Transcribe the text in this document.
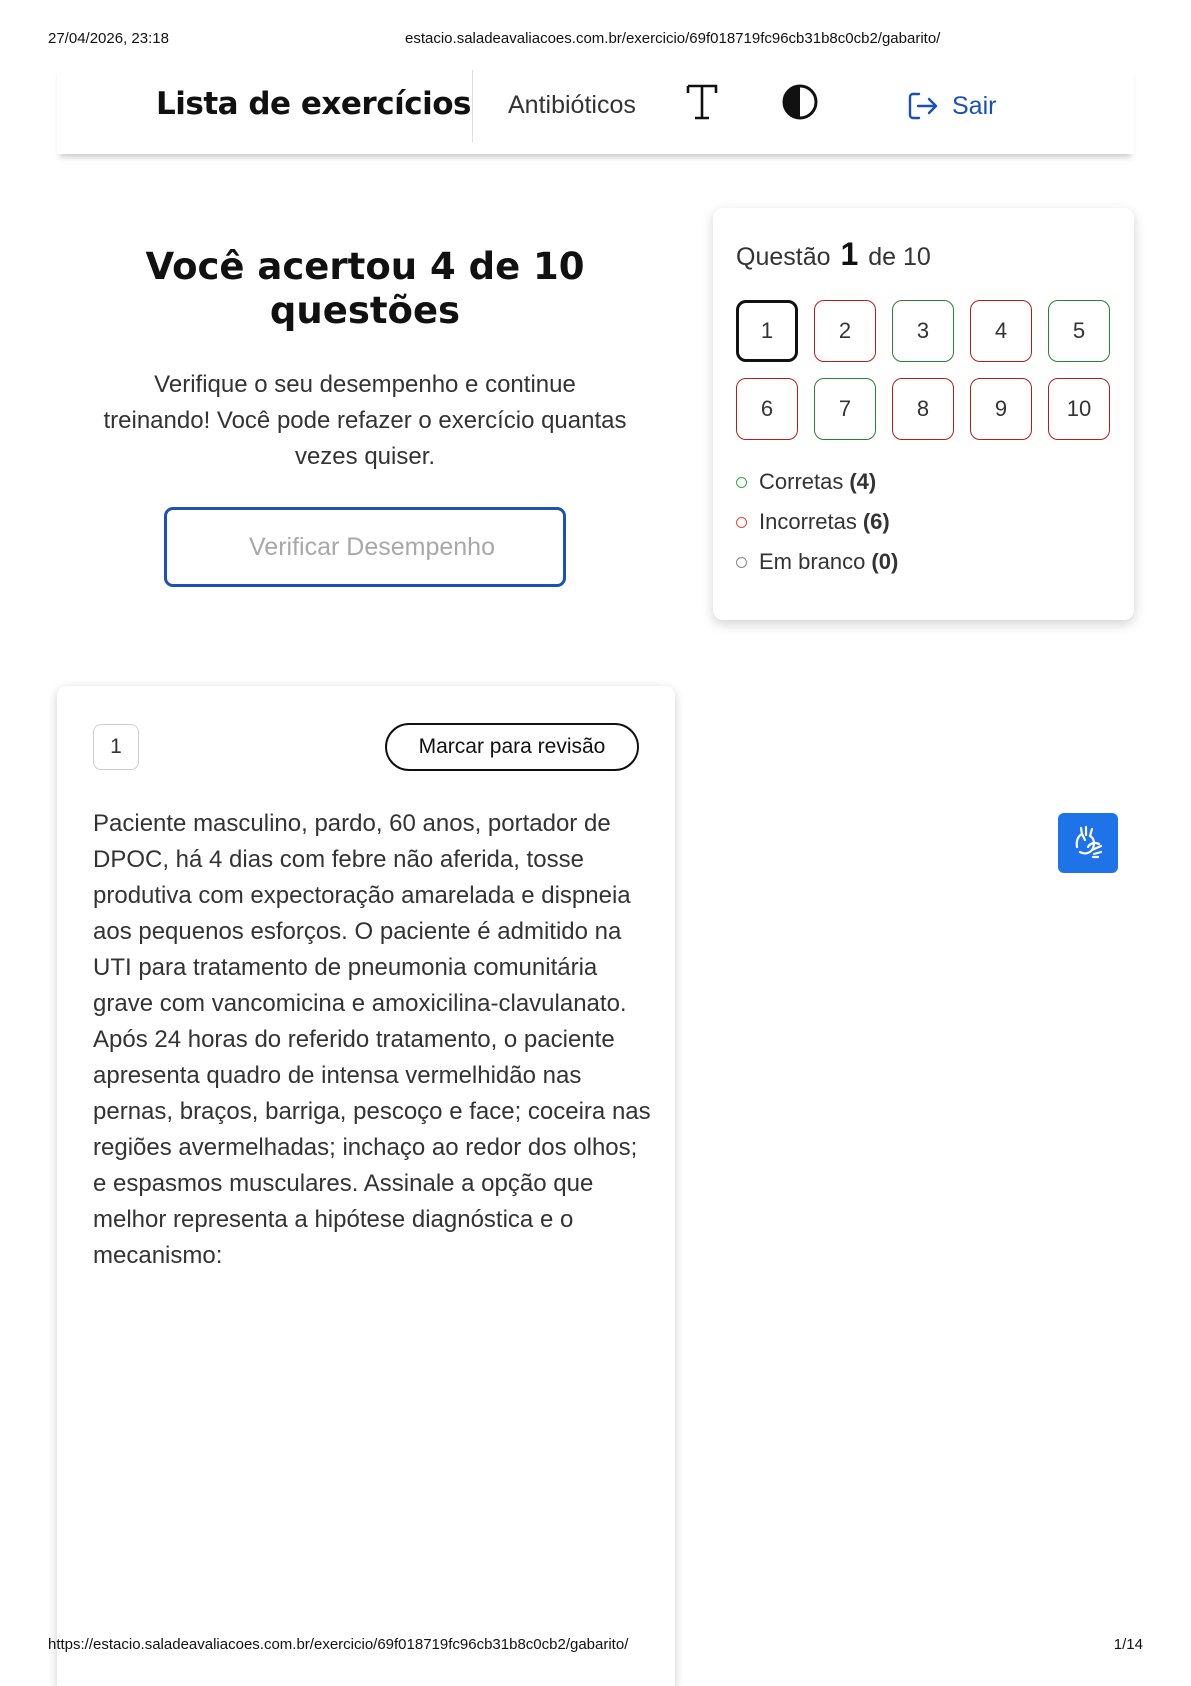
27/04/2026, 23:18	estacio.saladeavaliacoes.com.br/exercicio/69f018719fc96cb31b8c0cb2/gabarito/
Lista de exercícios Antibióticos	Sair
Você acertou 4 de 10 questões

Verifique o seu desempenho e continue treinando! Você pode refazer o exercício quantas vezes quiser.

Verificar Desempenho
Questão 1 de 10
1	2	3	4	5
6	7	8	9	10
Corretas (4)
Incorretas (6)
Em branco (0)
1	Marcar para revisão
Paciente masculino, pardo, 60 anos, portador de DPOC, há 4 dias com febre não aferida, tosse produtiva com expectoração amarelada e dispneia aos pequenos esforços. O paciente é admitido na UTI para tratamento de pneumonia comunitária grave com vancomicina e amoxicilina-clavulanato. Após 24 horas do referido tratamento, o paciente apresenta quadro de intensa vermelhidão nas pernas, braços, barriga, pescoço e face; coceira nas regiões avermelhadas; inchaço ao redor dos olhos; e espasmos musculares. Assinale a opção que melhor representa a hipótese diagnóstica e o mecanismo:
https://estacio.saladeavaliacoes.com.br/exercicio/69f018719fc96cb31b8c0cb2/gabarito/	1/14
